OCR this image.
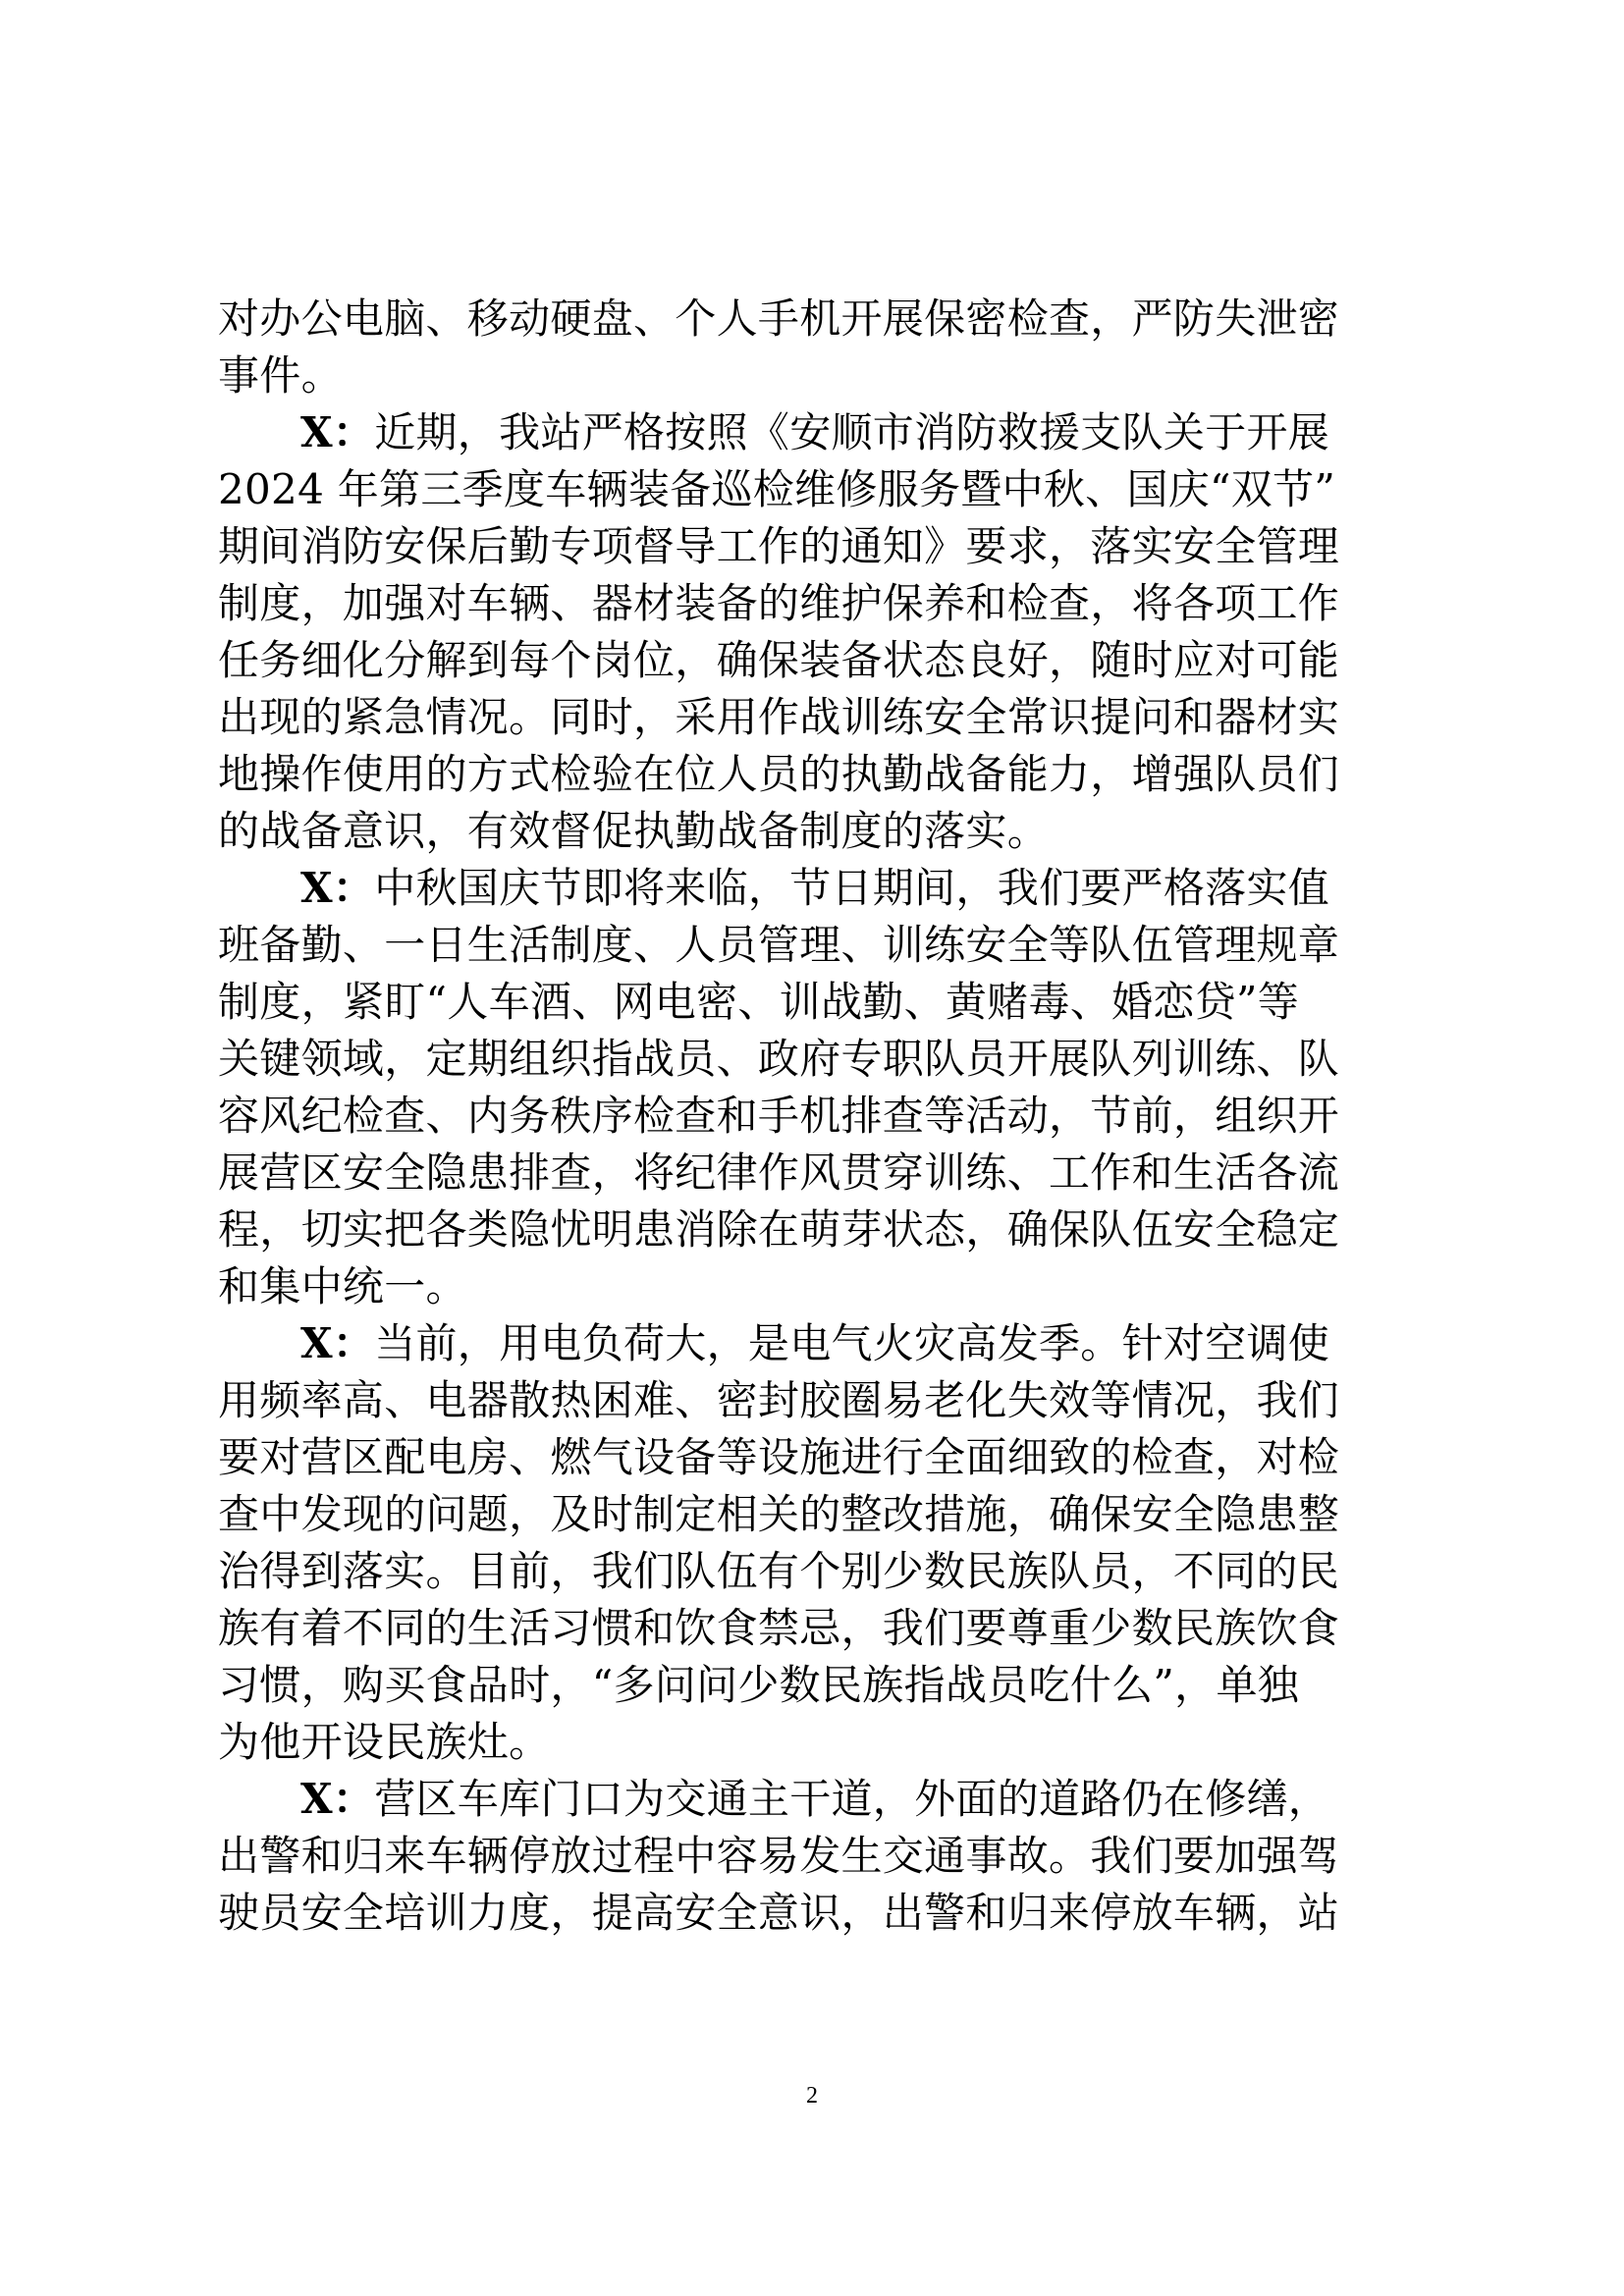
对办公电脑、移动硬盘、个人手机开展保密检查，严防失泄密
事件。
X：近期，我站严格按照《安顺市消防救援支队关于开展
2024 年第三季度车辆装备巡检维修服务暨中秋、国庆“双节”
期间消防安保后勤专项督导工作的通知》要求，落实安全管理
制度，加强对车辆、器材装备的维护保养和检查，将各项工作
任务细化分解到每个岗位，确保装备状态良好，随时应对可能
出现的紧急情况。同时，采用作战训练安全常识提问和器材实
地操作使用的方式检验在位人员的执勤战备能力，增强队员们
的战备意识，有效督促执勤战备制度的落实。
X：中秋国庆节即将来临，节日期间，我们要严格落实值
班备勤、一日生活制度、人员管理、训练安全等队伍管理规章
制度，紧盯“人车酒、网电密、训战勤、黄赌毒、婚恋贷”等
关键领域，定期组织指战员、政府专职队员开展队列训练、队
容风纪检查、内务秩序检查和手机排查等活动，节前，组织开
展营区安全隐患排查，将纪律作风贯穿训练、工作和生活各流
程，切实把各类隐忧明患消除在萌芽状态，确保队伍安全稳定
和集中统一。
X：当前，用电负荷大，是电气火灾高发季。针对空调使
用频率高、电器散热困难、密封胶圈易老化失效等情况，我们
要对营区配电房、燃气设备等设施进行全面细致的检查，对检
查中发现的问题，及时制定相关的整改措施，确保安全隐患整
治得到落实。目前，我们队伍有个别少数民族队员，不同的民
族有着不同的生活习惯和饮食禁忌，我们要尊重少数民族饮食
习惯，购买食品时，“多问问少数民族指战员吃什么”，单独
为他开设民族灶。
X：营区车库门口为交通主干道，外面的道路仍在修缮，
出警和归来车辆停放过程中容易发生交通事故。我们要加强驾
驶员安全培训力度，提高安全意识，出警和归来停放车辆，站
2
